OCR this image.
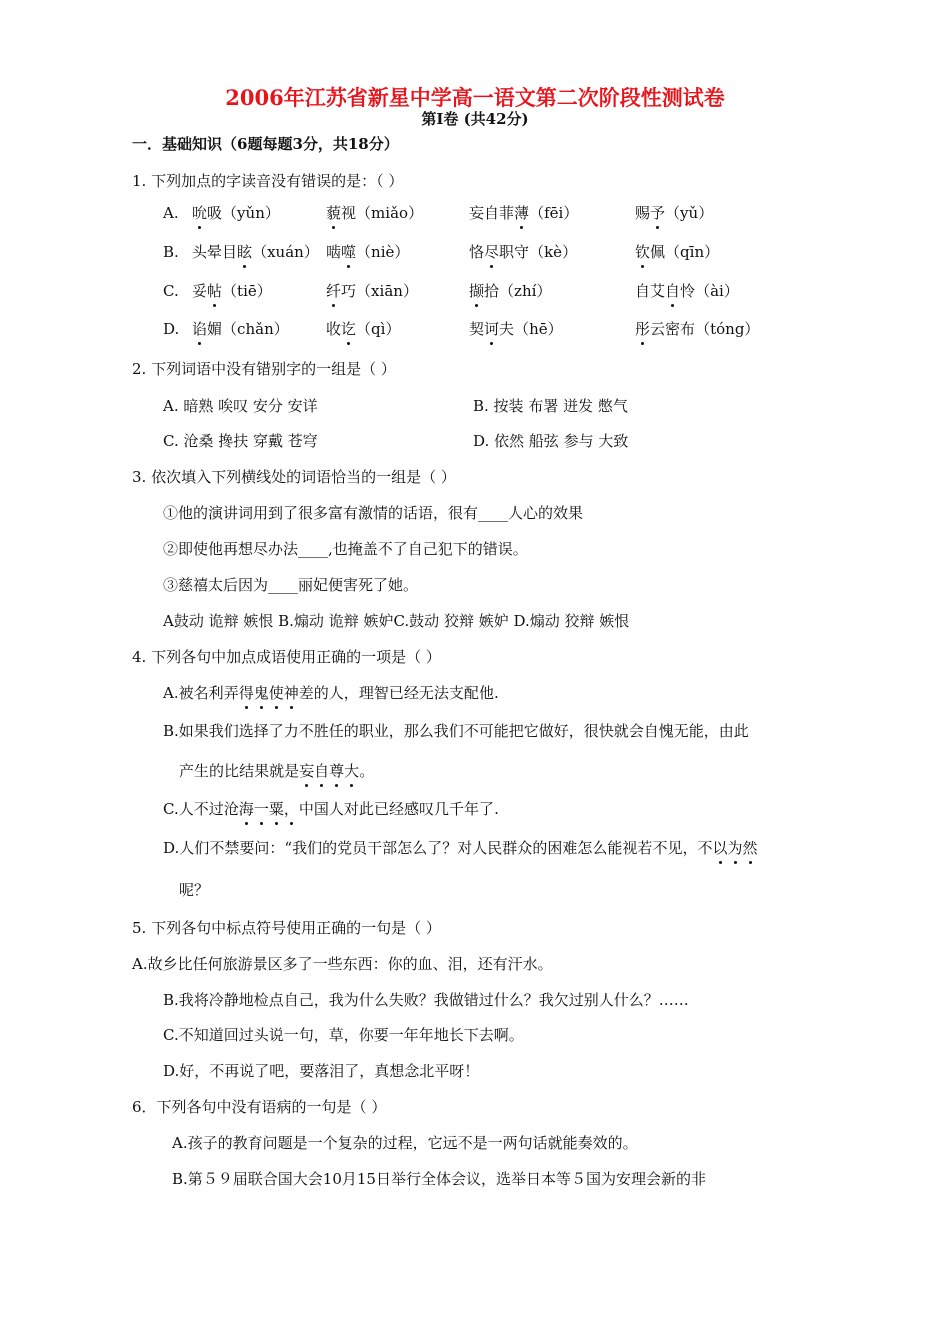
2006年江苏省新星中学高一语文第二次阶段性测试卷
第Ⅰ卷 (共42分)
一．基础知识（6题每题3分，共18分）
1. 下列加点的字读音没有错误的是：（ ）
A. 吮吸（yǔn）	藐视（miǎo）	妄自菲薄（fēi）	赐予（yǔ）
B. 头晕目眩（xuán） 啮噬（niè）	恪尽职守（kè）	钦佩（qīn）
C. 妥帖（tiē）	纤巧（xiān）	撷拾（zhí）	自艾自怜（ài）
D. 谄媚（chǎn） 收讫（qì）	契诃夫（hē）	彤云密布（tóng）
2. 下列词语中没有错别字的一组是（ ）
A. 暗熟 唉叹 安分 安详	B. 按装 布署 迸发 憋气
C. 沧桑 搀扶 穿戴 苍穹	D. 依然 船弦 参与 大致
3. 依次填入下列横线处的词语恰当的一组是（ ）
①他的演讲词用到了很多富有激情的话语，很有____人心的效果
②即使他再想尽办法____,也掩盖不了自己犯下的错误。
③慈禧太后因为____丽妃便害死了她。
A鼓动 诡辩 嫉恨 B.煽动 诡辩 嫉妒C.鼓动 狡辩 嫉妒 D.煽动 狡辩 嫉恨
4. 下列各句中加点成语使用正确的一项是（ ）
A.被名利弄得鬼使神差的人，理智已经无法支配他.
B.如果我们选择了力不胜任的职业，那么我们不可能把它做好，很快就会自愧无能，由此
产生的比结果就是妄自尊大。
C.人不过沧海一粟，中国人对此已经感叹几千年了.
D.人们不禁要问：“我们的党员干部怎么了？对人民群众的困难怎么能视若不见，不以为然
呢？
5. 下列各句中标点符号使用正确的一句是（ ）
A.故乡比任何旅游景区多了一些东西：你的血、泪，还有汗水。
B.我将冷静地检点自己，我为什么失败？我做错过什么？我欠过别人什么？……
C.不知道回过头说一句，草，你要一年年地长下去啊。
D.好，不再说了吧，要落泪了，真想念北平呀！
6．下列各句中没有语病的一句是（ ）
A.孩子的教育问题是一个复杂的过程，它远不是一两句话就能奏效的。
B.第５９届联合国大会10月15日举行全体会议，选举日本等５国为安理会新的非
